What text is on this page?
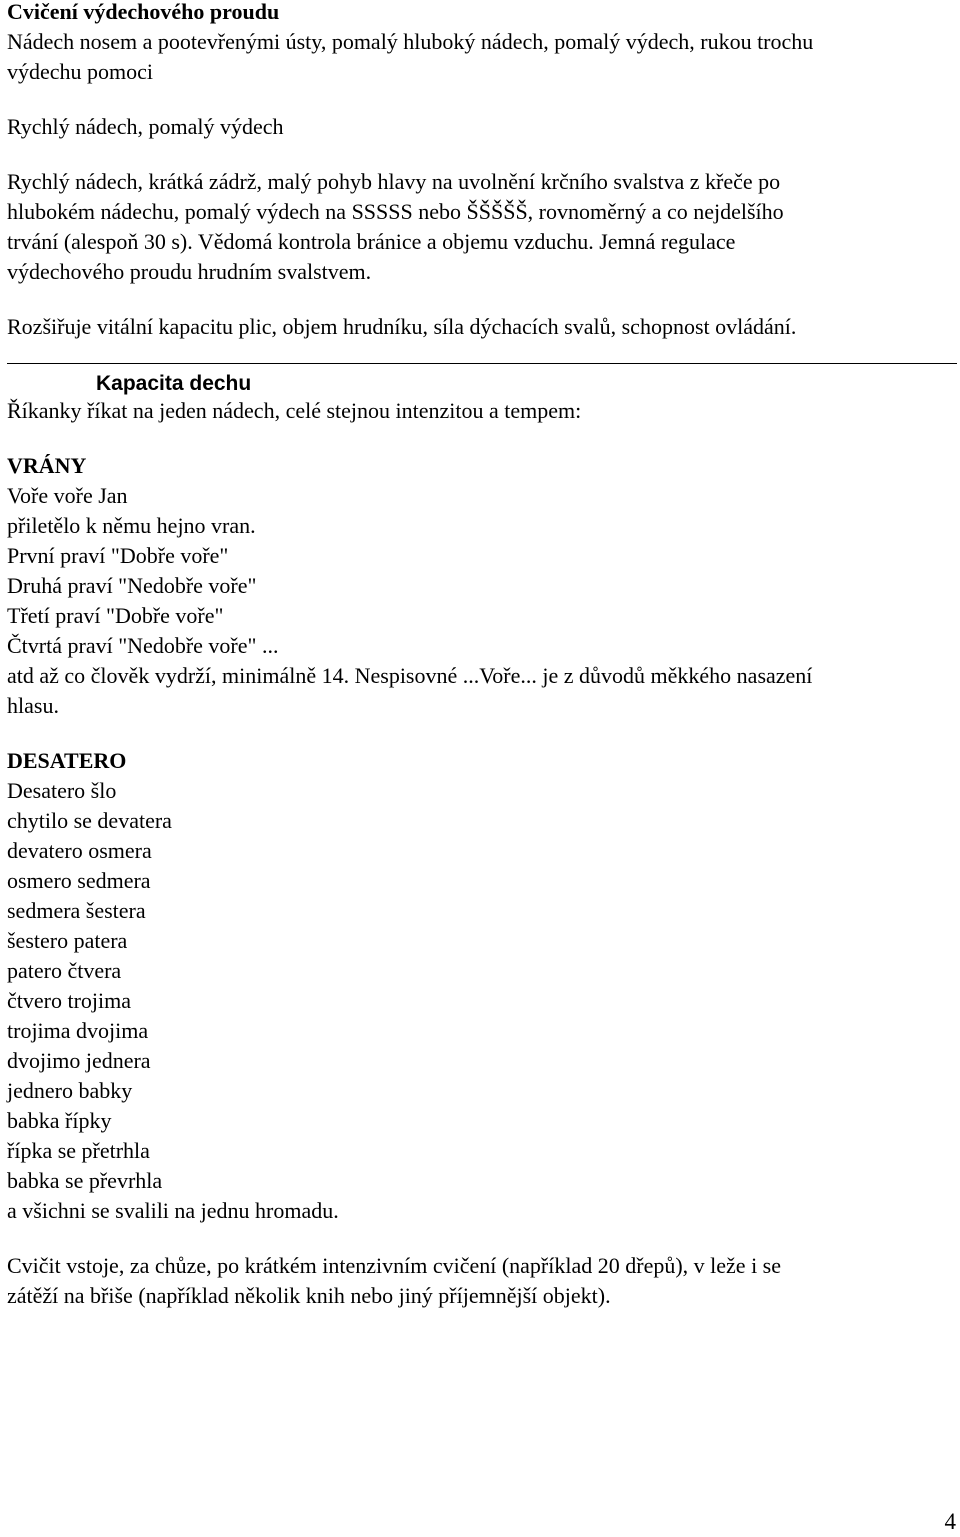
Cvičení výdechového proudu
Nádech nosem a pootevřenými ústy, pomalý hluboký nádech, pomalý výdech, rukou trochu
výdechu pomoci
Rychlý nádech, pomalý výdech
Rychlý nádech, krátká zádrž, malý pohyb hlavy na uvolnění krčního svalstva z křeče po
hlubokém nádechu, pomalý výdech na SSSSS nebo ŠŠŠŠŠ, rovnoměrný a co nejdelšího
trvání (alespoň 30 s). Vědomá kontrola bránice a objemu vzduchu. Jemná regulace
výdechového proudu hrudním svalstvem.
Rozšiřuje vitální kapacitu plic, objem hrudníku, síla dýchacích svalů, schopnost ovládání.
Říkanky říkat na jeden nádech, celé stejnou intenzitou a tempem:
VRÁNY
Voře voře Jan
přiletělo k němu hejno vran.
První praví "Dobře voře"
Druhá praví "Nedobře voře"
Třetí praví "Dobře voře"
Čtvrtá praví "Nedobře voře" ...
atd až co člověk vydrží, minimálně 14. Nespisovné ...Voře... je z důvodů měkkého nasazení
hlasu.
DESATERO
Desatero šlo
chytilo se devatera
devatero osmera
osmero sedmera
sedmera šestera
šestero patera
patero čtvera
čtvero trojima
trojima dvojima
dvojimo jednera
jednero babky
babka řípky
řípka se přetrhla
babka se převrhla
a všichni se svalili na jednu hromadu.
Cvičit vstoje, za chůze, po krátkém intenzivním cvičení (například 20 dřepů), v leže i se
zátěží na břiše (například několik knih nebo jiný příjemnější objekt).
Kapacita dechu
4
